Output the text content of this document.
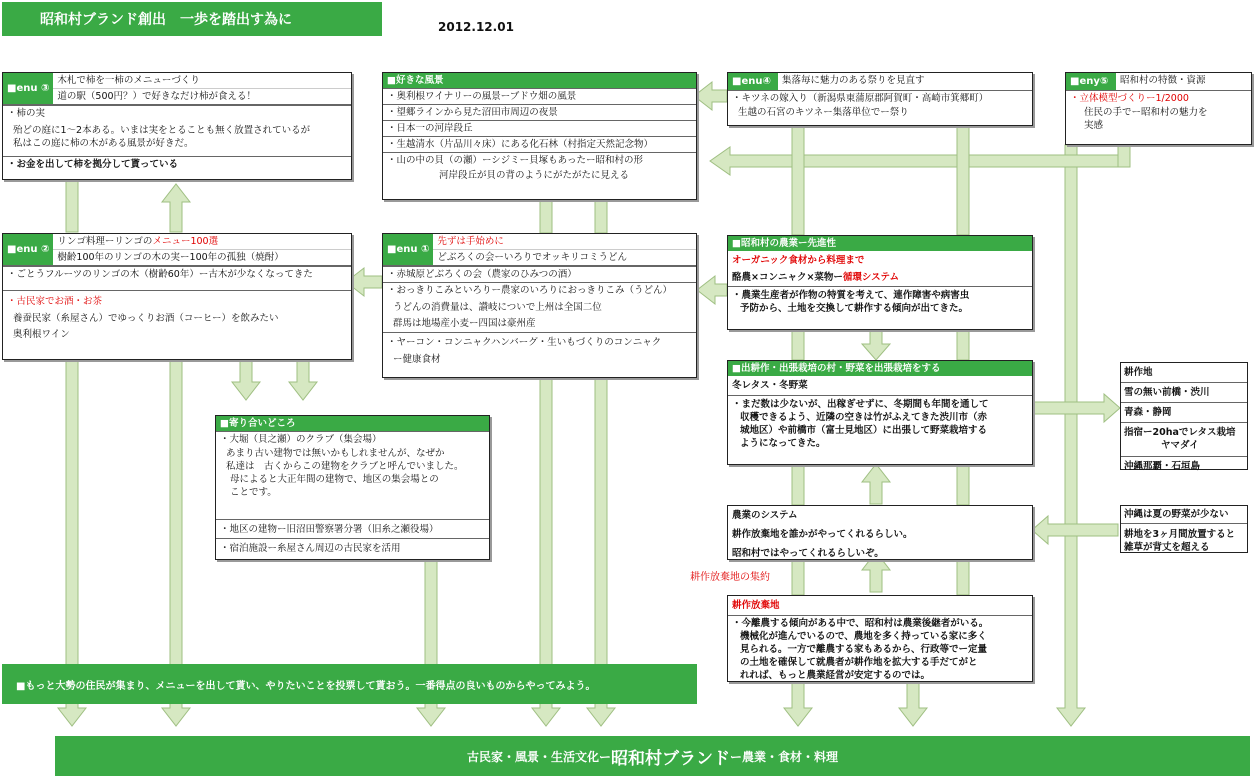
昭和村ブランド創出　一歩を踏出す為に	2012.12.01
■enu ③
木札で柿を一柿のメニューづくり
道の駅（500円？）で好きなだけ柿が食える！
・柿の実
殆どの庭に1～2本ある。いまは実をとることも無く放置されているが
私はこの庭に柿の木がある風景が好きだ。
・お金を出して柿を拠分して貰っている
■好きな風景
・奥利根ワイナリーの風景ーブドウ畑の風景
・望郷ラインから見た沼田市周辺の夜景
・日本一の河岸段丘
・生越清水（片品川々床）にある化石林（村指定天然記念物）
・山の中の貝（の瀬）ーシジミー貝塚もあったー昭和村の形
河岸段丘が貝の背のようにがたがたに見える
■enu④	集落毎に魅力のある祭りを見直す
・キツネの嫁入り（新潟県東蒲原郡阿賀町・高崎市箕郷町）
生越の石宮のキツネー集落単位でー祭り
■eny⑤	昭和村の特徴・資源
・立体模型づくりー1/2000
住民の手でー昭和村の魅力を
実感
■enu ②
リンゴ料理ーリンゴのメニュー100選
樹齢100年のリンゴの木の実ー100年の孤独（焼酎）
・ごとうフルーツのリンゴの木（樹齢60年）ー古木が少なくなってきた
・古民家でお酒・お茶
養蚕民家（糸屋さん）でゆっくりお酒（コーヒー）を飲みたい
奥利根ワイン
■enu ①
先ずは手始めに
どぶろくの会ーいろりでオッキリコミうどん
・赤城原どぶろくの会（農家のひみつの酒）
・おっきりこみといろりー農家のいろりにおっきりこみ（うどん）
うどんの消費量は、讃岐についで上州は全国二位
群馬は地場産小麦ー四国は豪州産
・ヤーコン・コンニャクハンバーグ・生いもづくりのコンニャク
ー健康食材
■昭和村の農業ー先進性
オーガニック食材から料理まで
酪農×コンニャク×菜物ー循環システム
・農業生産者が作物の特質を考えて、連作障害や病害虫
予防から、土地を交換して耕作する傾向が出てきた。
■寄り合いどころ
・大堀（貝之瀬）のクラブ（集会場）
あまり古い建物では無いかもしれませんが、なぜか
私達は　古くからこの建物をクラブと呼んでいました。
母によると大正年間の建物で、地区の集会場との
ことです。
・地区の建物ー旧沼田警察署分署（旧糸之瀬役場）
・宿泊施設ー糸屋さん周辺の古民家を活用
■出耕作・出張栽培の村・野菜を出張栽培をする
冬レタス・冬野菜
・まだ数は少ないが、出稼ぎせずに、冬期間も年間を通して
収穫できるよう、近隣の空きは竹がふえてきた渋川市（赤
城地区）や前橋市（富士見地区）に出張して野菜栽培する
ようになってきた。
耕作地
雪の無い前橋・渋川
青森・静岡
指宿ー20haでレタス栽培
ヤマダイ
沖縄那覇・石垣島
農業のシステム
耕作放棄地を誰かがやってくれるらしい。
昭和村ではやってくれるらしいぞ。
沖縄は夏の野菜が少ない
耕地を3ヶ月間放置すると
雑草が背丈を超える
耕作放棄地の集約
耕作放棄地
・今離農する傾向がある中で、昭和村は農業後継者がいる。
機械化が進んでいるので、農地を多く持っている家に多く
見られる。一方で離農する家もあるから、行政等でー定量
の土地を確保して就農者が耕作地を拡大する手だてがと
れれば、もっと農業経営が安定するのでは。
■もっと大勢の住民が集まり、メニューを出して貰い、やりたいことを投票して貰おう。一番得点の良いものからやってみよう。
古民家・風景・生活文化ー 昭和村ブランド ー農業・食材・料理
